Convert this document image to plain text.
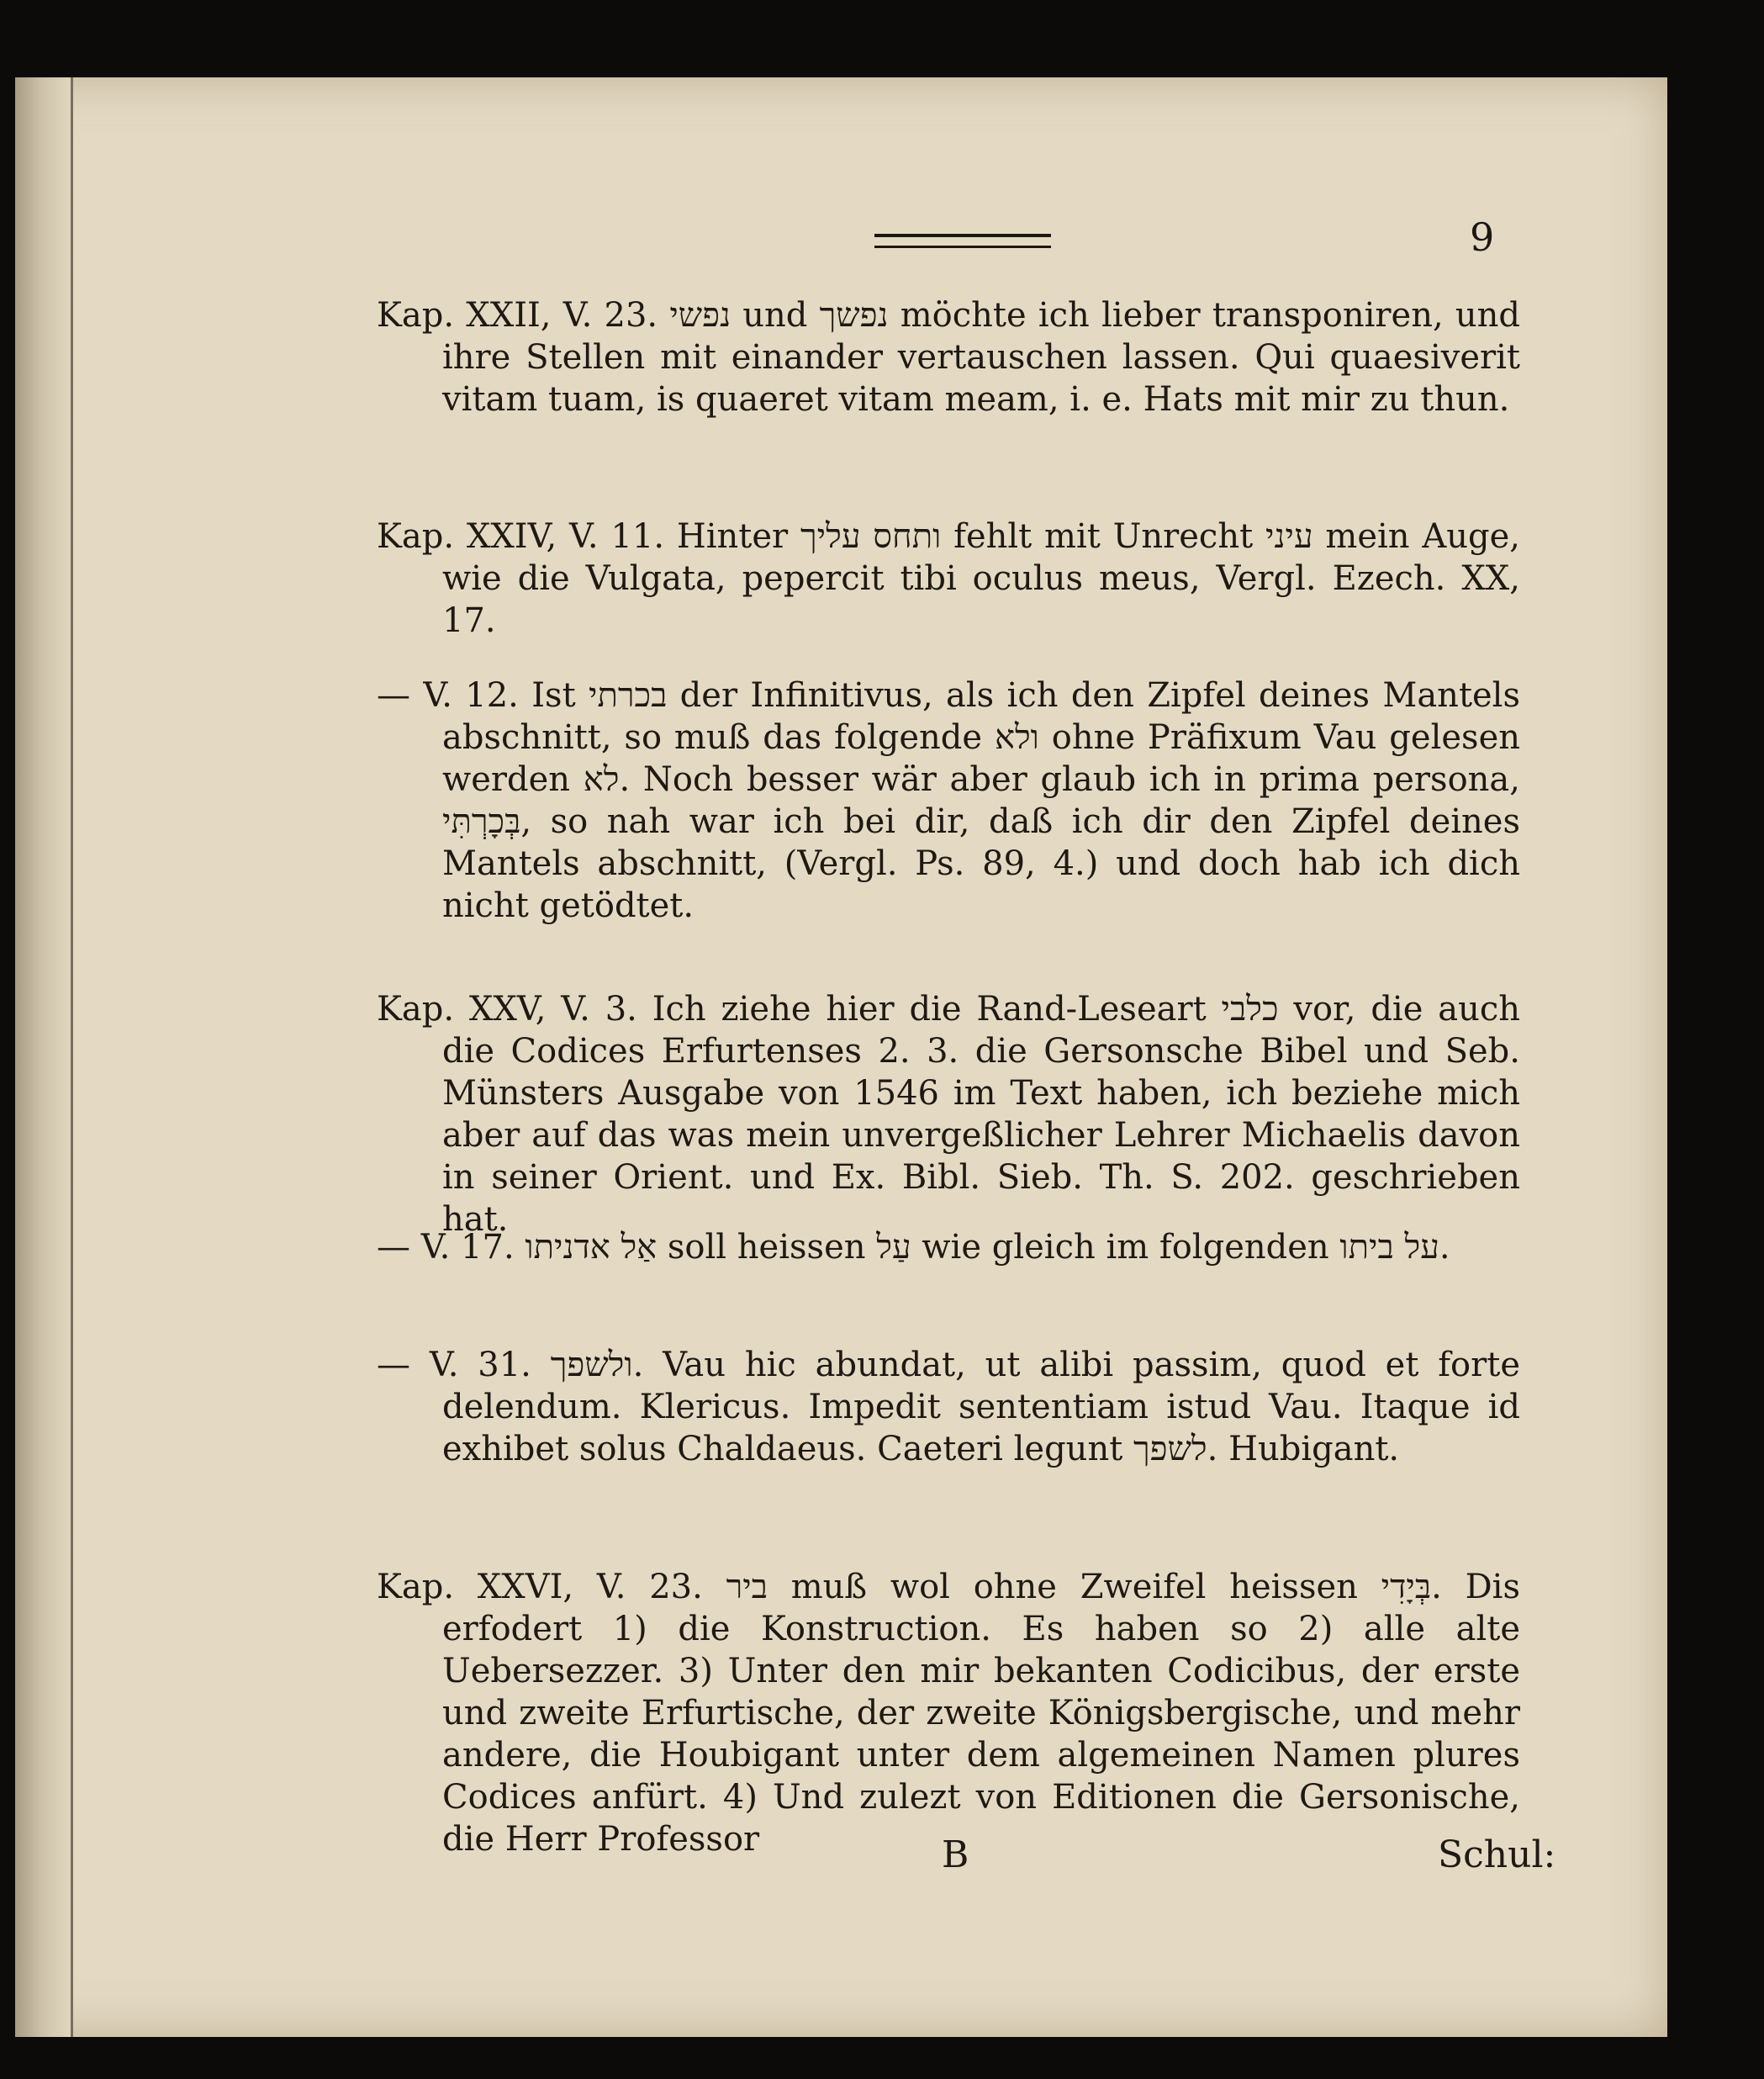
9

Kap. XXII, V. 23. נפשי und נפשך möchte ich lieber transponiren, und ihre Stellen mit einander vertauschen lassen. Qui quaesiverit vitam tuam, is quaeret vitam meam, i. e. Hats mit mir zu thun.

Kap. XXIV, V. 11. Hinter ותחס עליך fehlt mit Unrecht עיני mein Auge, wie die Vulgata, pepercit tibi oculus meus, Vergl. Ezech. XX, 17.

— V. 12. Ist בכרתי der Infinitivus, als ich den Zipfel deines Mantels abschnitt, so muß das folgende ולא ohne Präfixum Vau gelesen werden לא. Noch besser wär aber glaub ich in prima persona, בְּכָרְתִּי, so nah war ich bei dir, daß ich dir den Zipfel deines Mantels abschnitt, (Vergl. Ps. 89, 4.) und doch hab ich dich nicht getödtet.

Kap. XXV, V. 3. Ich ziehe hier die Rand-Leseart כלבי vor, die auch die Codices Erfurtenses 2. 3. die Gersonsche Bibel und Seb. Münsters Ausgabe von 1546 im Text haben, ich beziehe mich aber auf das was mein unvergeßlicher Lehrer Michaelis davon in seiner Orient. und Ex. Bibl. Sieb. Th. S. 202. geschrieben hat.

— V. 17. אַל אדניתו soll heissen עַל wie gleich im folgenden על ביתו.

— V. 31. ולשפך. Vau hic abundat, ut alibi passim, quod et forte delendum. Klericus. Impedit sententiam istud Vau. Itaque id exhibet solus Chaldaeus. Caeteri legunt לשפך. Hubigant.

Kap. XXVI, V. 23. ביר muß wol ohne Zweifel heissen בְּיָדִי. Dis erfodert 1) die Konstruction. Es haben so 2) alle alte Uebersezzer. 3) Unter den mir bekanten Codicibus, der erste und zweite Erfurtische, der zweite Königsbergische, und mehr andere, die Houbigant unter dem algemeinen Namen plures Codices anfürt. 4) Und zulezt von Editionen die Gersonische, die Herr Professor	B	Schul:
